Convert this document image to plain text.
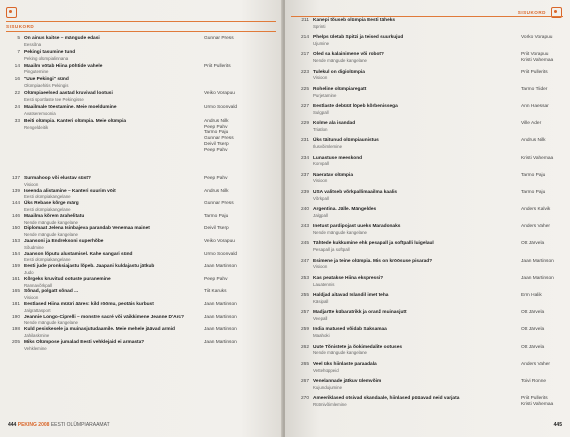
SISUKORD
5 On ainus kaitse – mängude edasi
Eessõna
Gunnar Press
7 Pekingi tasumine tund
Peking olümpialinnana
14 Maailm vötab Hiina pöhtide vahele
Pingutemine
Priit Pullerits
16 "Uue Pekingi" sünd
Olümpiaehitis Pekingis
22 Olümpiaeelsed aastad kruvivad lootusi
Eesti sportlaste tee Pekingisse
Veiko Vorapuu
24 Maailmale töestamine. Meie moeldumine
Avatseremoonia
Urmo Soonvald
33 Beiti olümpia. Kanteri olümpia. Meie olümpia
Rengeldeitik
Andrus Nilk
Peep Pahv
Tarmo Paju
Gunnar Press
Deivil Tserp
Peep Pahv
137 Surmahoop või elustav süst?
Visioon
Peep Pahv
139 Iseenda alistamine – Kanteri suurim vöit
Eesti olümpiakangelane
Andrus Nilk
144 Üks Rebase kõrge märg
Eesti olümpiakangelane
Gunnar Press
146 Maailma kõrem ärahelitatu
Nende mängude kangelane
Tarmo Paju
150 Diplomaat Jelena Isinbajeva parandab Venemaa mainet
Nende mängude kangelane
Deivil Tserp
153 Jaansoni ja Endreksoni superhõbe
Sõudmine
Veiko Vorapuu
154 Jaanson lõputu alustamisel. Kahe sangari sünd
Eesti olümpiakangelane
Urmo Soonvald
159 Eesti jude pronksiajastu lõpeb. Jaapani kuldajastu jätkub
Judo
Jaan Martinson
161 Kõrgeks kruvitud ootuste puranemine
Rannavõrkpall
Peep Pahv
165 Sõnad, polgatt sõnad ...
Visioon
Tiit Karuks
181 Eestlased Hiina müüri ääres: kild röömu, peotäis kurbust
Jalgrattasport
Jaan Martinson
190 Jeannie Longo-Ciprelli – monstre sacré või väikkimene Jeanne D'Arc?
Nende mängude kangelane
Jaan Martinson
198 Kuld pesiskesele ja muinasjutudaamile. Meie mehele jäävad armid
Jahilaskmine
Jaan Martinson
205 Miks Olümpose jumalad Eesti vehklejaid ei armasta?
Vehklemine
Jaan Martinson
444 PEKING 2008 EESTI OLÜMPIARAAMAT
SISUKORD
211 Kanepi tõuseb olümpia Eesti tähеks
Sprinti
214 Phelps ületab Spitzi ja teised suurkujud
Ujumine
Vorko Vorapuu
217 Oled sa kalainimene või robot?
Nende mängude kangelane
Priit Vorapuu
Kristi Vahemaa
223 Tulekul on digiolümpia
Visioon
Priit Pullerits
225 Roheline olümpiaregatt
Purjetamine
Tarmo Tiider
227 Eestlaste debüüt löpeb kõrbenissega
Sulgpall
Ann Haessar
229 Kolme ala isandad
Triatlon
Ville Ader
231 Üks täitunud olümpiaunistus
Ilusvõimlemine
Andrus Nilk
234 Lunastuse meeskond
Korvpall
Kristi Vahemaa
237 Naeratav olümpia
Visioon
Tarmo Paju
239 USA valitseb võrkpallimaailma kaalis
Võrkpall
Tarmo Paju
240 Argentina. Jälle. Mängeldes
Jalgpall
Anders Kalvik
243 Inetust pardipojast uueks Maradonaks
Nende mängude kangelane
Anders Vaher
245 Tähtede kukkumine ehk pesapall ja softpalli luigelaul
Pesapall ja softpall
Ott Järvela
247 Esimene ja teine olümpia. Mis on kröösuse pisarad?
Visioon
Jaan Martinson
253 Kas peatakse Hiina ekspressi?
Lauatennis
Jaan Martinson
255 Haldjad aitavad Islandil imet teha
Käsipall
Erm Halik
257 Madjartte kübaratrikk ja oranž muinasjutt
Veepall
Ott Järvela
259 India matused võidab Saksamaa
Maahoki
Ott Järvela
262 Uute Tõnistete ja õokimedalite ootuses
Nende mängude kangelane
Ott Järvela
265 Veel üks hiinlaste paraadala
Vettehüppeid
Anders Vaher
267 Venelannade jätkuv ülemvõim
Kujundujumine
Toivi Ronne
270 Ameeriklased otsivad skandaale, hiinlased püüavad neid varjata
Rütmivõimlemine
Priit Pullerits
Kristi Vahemaa
445
